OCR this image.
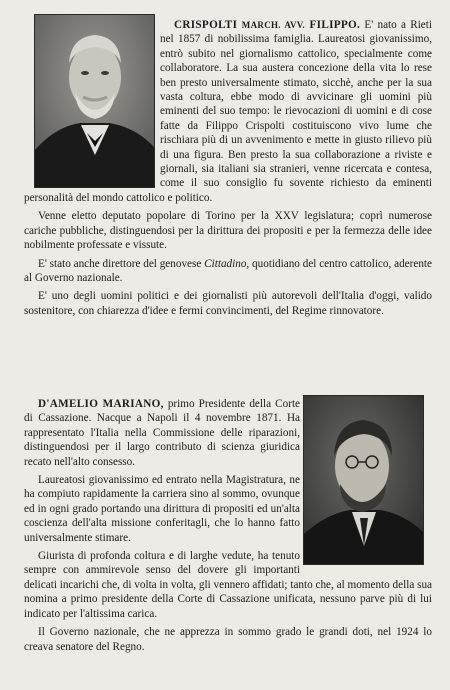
CRISPOLTI MARCH. AVV. FILIPPO. E' nato a Rieti nel 1857 di nobilissima famiglia. Laureatosi giovanissimo, entrò subito nel giornalismo cattolico, specialmente come collaboratore. La sua austera concezione della vita lo rese ben presto universalmente stimato, sicchè, anche per la sua vasta coltura, ebbe modo di avvicinare gli uomini più eminenti del suo tempo: le rievocazioni di uomini e di cose fatte da Filippo Crispolti costituiscono vivo lume che rischiara più di un avvenimento e mette in giusto rilievo più di una figura. Ben presto la sua collaborazione a riviste e giornali, sia italiani sia stranieri, venne ricercata e contesa, come il suo consiglio fu sovente richiesto da eminenti personalità del mondo cattolico e politico.

Venne eletto deputato popolare di Torino per la XXV legislatura; coprì numerose cariche pubbliche, distinguendosi per la dirittura dei propositi e per la fermezza delle idee nobilmente professate e vissute.

E' stato anche direttore del genovese Cittadino, quotidiano del centro cattolico, aderente al Governo nazionale.

E' uno degli uomini politici e dei giornalisti più autorevoli dell'Italia d'oggi, valido sostenitore, con chiarezza d'idee e fermi convincimenti, del Regime rinnovatore.

D'AMELIO MARIANO, primo Presidente della Corte di Cassazione. Nacque a Napoli il 4 novembre 1871. Ha rappresentato l'Italia nella Commissione delle riparazioni, distinguendosi per il largo contributo di scienza giuridica recato nell'alto consesso.

Laureatosi giovanissimo ed entrato nella Magistratura, ne ha compiuto rapidamente la carriera sino al sommo, ovunque ed in ogni grado portando una dirittura di propositi ed un'alta coscienza dell'alta missione conferitagli, che lo hanno fatto universalmente stimare.

Giurista di profonda coltura e di larghe vedute, ha tenuto sempre con ammirevole senso del dovere gli importanti delicati incarichi che, di volta in volta, gli vennero affidati; tanto che, al momento della sua nomina a primo presidente della Corte di Cassazione unificata, nessuno parve più di lui indicato per l'altissima carica.

Il Governo nazionale, che ne apprezza in sommo grado le grandi doti, nel 1924 lo creava senatore del Regno.
